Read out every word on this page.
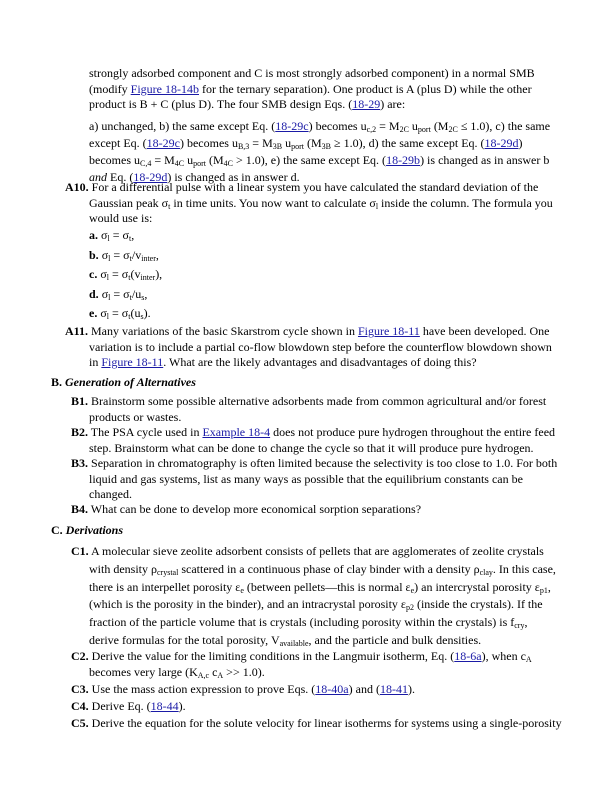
strongly adsorbed component and C is most strongly adsorbed component) in a normal SMB
(modify Figure 18-14b for the ternary separation). One product is A (plus D) while the other
product is B + C (plus D). The four SMB design Eqs. (18-29) are:
a) unchanged, b) the same except Eq. (18-29c) becomes $u_{c,2} = M_{2C}$ $u_{port}$ $(M_{2C} \le 1.0)$, c) the same
except Eq. (18-29c) becomes $u_{B,3} = M_{3B}$ $u_{port}$ $(M_{3B} \ge 1.0)$, d) the same except Eq. (18-29d)
becomes $u_{C,4} = M_{4C}$ $u_{port}$ $(M_{4C} > 1.0)$, e) the same except Eq. (18-29b) is changed as in answer b
and Eq. (18-29d) is changed as in answer d.
A10. For a differential pulse with a linear system you have calculated the standard deviation of the
Gaussian peak $\sigma_t$ in time units. You now want to calculate $\sigma_l$ inside the column. The formula you
would use is:
a. $\sigma_l = \sigma_t$,
b. $\sigma_l = \sigma_t/v_{inter}$,
c. $\sigma_l = \sigma_t(v_{inter})$,
d. $\sigma_l = \sigma_t/u_s$,
e. $\sigma_l = \sigma_t(u_s)$.
A11. Many variations of the basic Skarstrom cycle shown in Figure 18-11 have been developed. One
variation is to include a partial co-flow blowdown step before the counterflow blowdown shown
in Figure 18-11. What are the likely advantages and disadvantages of doing this?
B. Generation of Alternatives
B1. Brainstorm some possible alternative adsorbents made from common agricultural and/or forest
products or wastes.
B2. The PSA cycle used in Example 18-4 does not produce pure hydrogen throughout the entire feed
step. Brainstorm what can be done to change the cycle so that it will produce pure hydrogen.
B3. Separation in chromatography is often limited because the selectivity is too close to 1.0. For both
liquid and gas systems, list as many ways as possible that the equilibrium constants can be
changed.
B4. What can be done to develop more economical sorption separations?
C. Derivations
C1. A molecular sieve zeolite adsorbent consists of pellets that are agglomerates of zeolite crystals
with density $\rho_{crystal}$ scattered in a continuous phase of clay binder with a density $\rho_{clay}$. In this case,
there is an interpellet porosity $\varepsilon_e$ (between pellets—this is normal $\varepsilon_e$) an intercrystal porosity $\varepsilon_{p1}$,
(which is the porosity in the binder), and an intracrystal porosity $\varepsilon_{p2}$ (inside the crystals). If the
fraction of the particle volume that is crystals (including porosity within the crystals) is $f_{cry}$,
derive formulas for the total porosity, $V_{available}$, and the particle and bulk densities.
C2. Derive the value for the limiting conditions in the Langmuir isotherm, Eq. (18-6a), when $c_A$
becomes very large ($K_{A,c}$ $c_A >> 1.0$).
C3. Use the mass action expression to prove Eqs. (18-40a) and (18-41).
C4. Derive Eq. (18-44).
C5. Derive the equation for the solute velocity for linear isotherms for systems using a single-porosity
